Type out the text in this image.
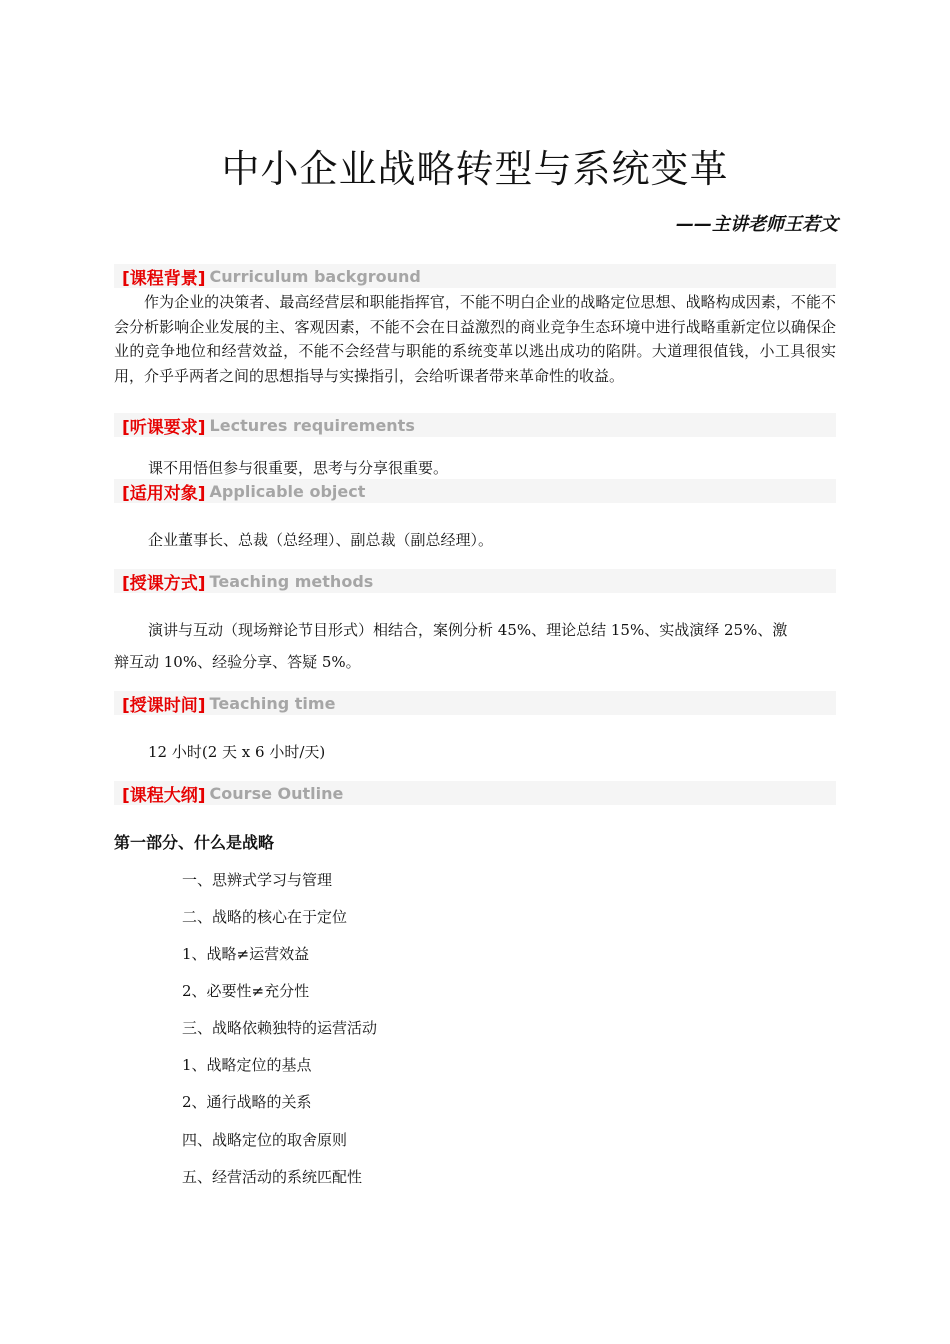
中小企业战略转型与系统变革
——主讲老师王若文
[课程背景] Curriculum background
作为企业的决策者、最高经营层和职能指挥官，不能不明白企业的战略定位思想、战略构成因素，不能不会分析影响企业发展的主、客观因素，不能不会在日益激烈的商业竞争生态环境中进行战略重新定位以确保企业的竞争地位和经营效益，不能不会经营与职能的系统变革以逃出成功的陷阱。大道理很值钱，小工具很实用，介乎乎两者之间的思想指导与实操指引，会给听课者带来革命性的收益。
[听课要求] Lectures requirements
课不用悟但参与很重要，思考与分享很重要。
[适用对象] Applicable object
企业董事长、总裁（总经理）、副总裁（副总经理）。
[授课方式] Teaching methods
演讲与互动（现场辩论节目形式）相结合，案例分析 45%、理论总结 15%、实战演绎 25%、激
辩互动 10%、经验分享、答疑 5%。
[授课时间] Teaching time
12 小时(2 天 x 6 小时/天)
[课程大纲] Course Outline
第一部分、什么是战略
一、思辨式学习与管理
二、战略的核心在于定位
1、战略≠运营效益
2、必要性≠充分性
三、战略依赖独特的运营活动
1、战略定位的基点
2、通行战略的关系
四、战略定位的取舍原则
五、经营活动的系统匹配性
